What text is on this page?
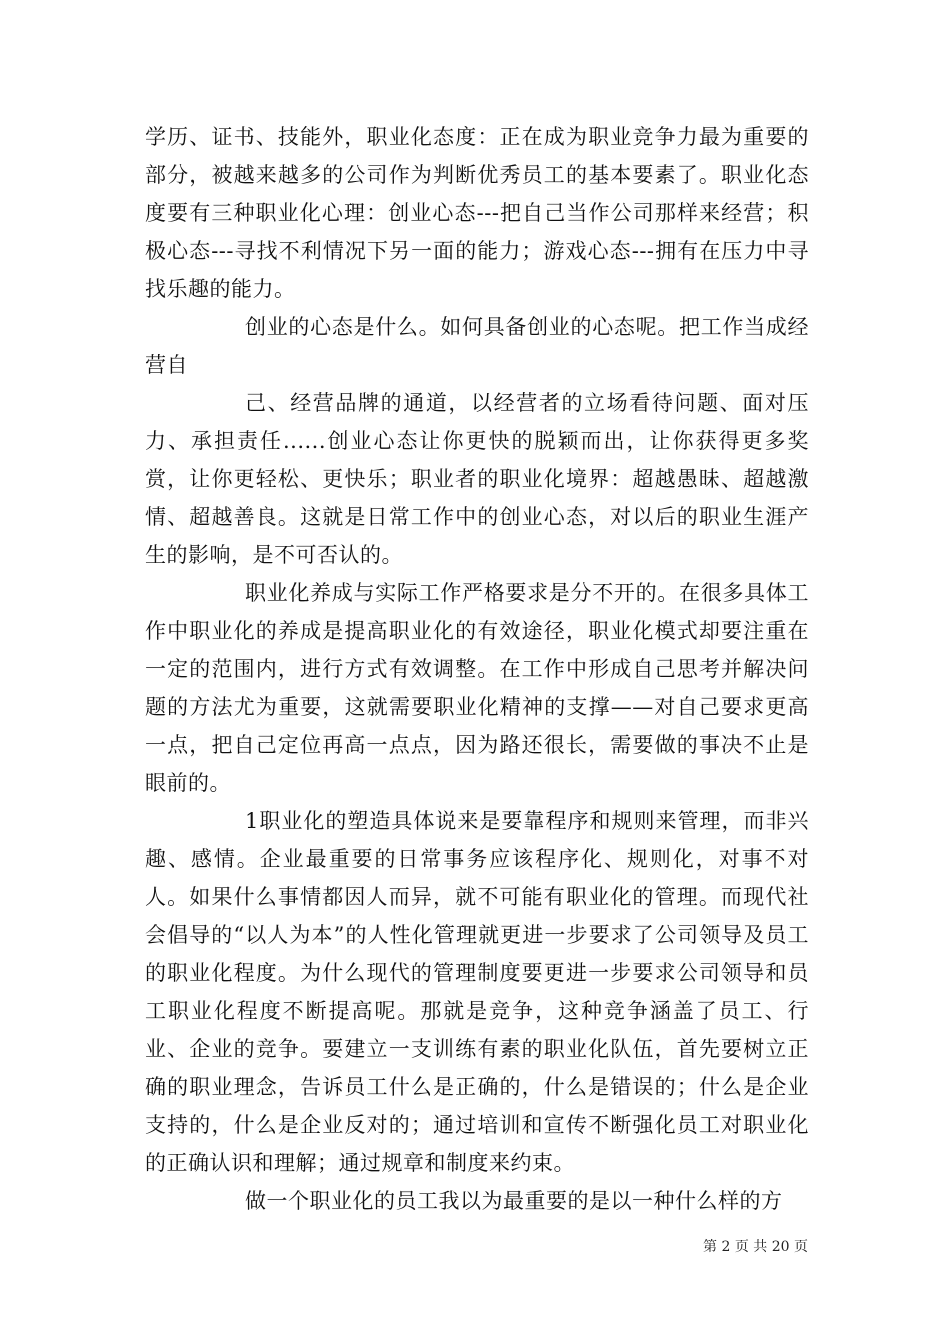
学历、证书、技能外，职业化态度：正在成为职业竞争力最为重要的部分，被越来越多的公司作为判断优秀员工的基本要素了。职业化态度要有三种职业化心理：创业心态---把自己当作公司那样来经营；积极心态---寻找不利情况下另一面的能力；游戏心态---拥有在压力中寻找乐趣的能力。

创业的心态是什么。如何具备创业的心态呢。把工作当成经营自

己、经营品牌的通道，以经营者的立场看待问题、面对压力、承担责任......创业心态让你更快的脱颖而出，让你获得更多奖赏，让你更轻松、更快乐；职业者的职业化境界：超越愚昧、超越激情、超越善良。这就是日常工作中的创业心态，对以后的职业生涯产生的影响，是不可否认的。

职业化养成与实际工作严格要求是分不开的。在很多具体工作中职业化的养成是提高职业化的有效途径，职业化模式却要注重在一定的范围内，进行方式有效调整。在工作中形成自己思考并解决问题的方法尤为重要，这就需要职业化精神的支撑——对自己要求更高一点，把自己定位再高一点点，因为路还很长，需要做的事决不止是眼前的。

1职业化的塑造具体说来是要靠程序和规则来管理，而非兴趣、感情。企业最重要的日常事务应该程序化、规则化，对事不对人。如果什么事情都因人而异，就不可能有职业化的管理。而现代社会倡导的“以人为本”的人性化管理就更进一步要求了公司领导及员工的职业化程度。为什么现代的管理制度要更进一步要求公司领导和员工职业化程度不断提高呢。那就是竞争，这种竞争涵盖了员工、行业、企业的竞争。要建立一支训练有素的职业化队伍，首先要树立正确的职业理念，告诉员工什么是正确的，什么是错误的；什么是企业支持的，什么是企业反对的；通过培训和宣传不断强化员工对职业化的正确认识和理解；通过规章和制度来约束。

做一个职业化的员工我以为最重要的是以一种什么样的方

第 2 页 共 20 页
